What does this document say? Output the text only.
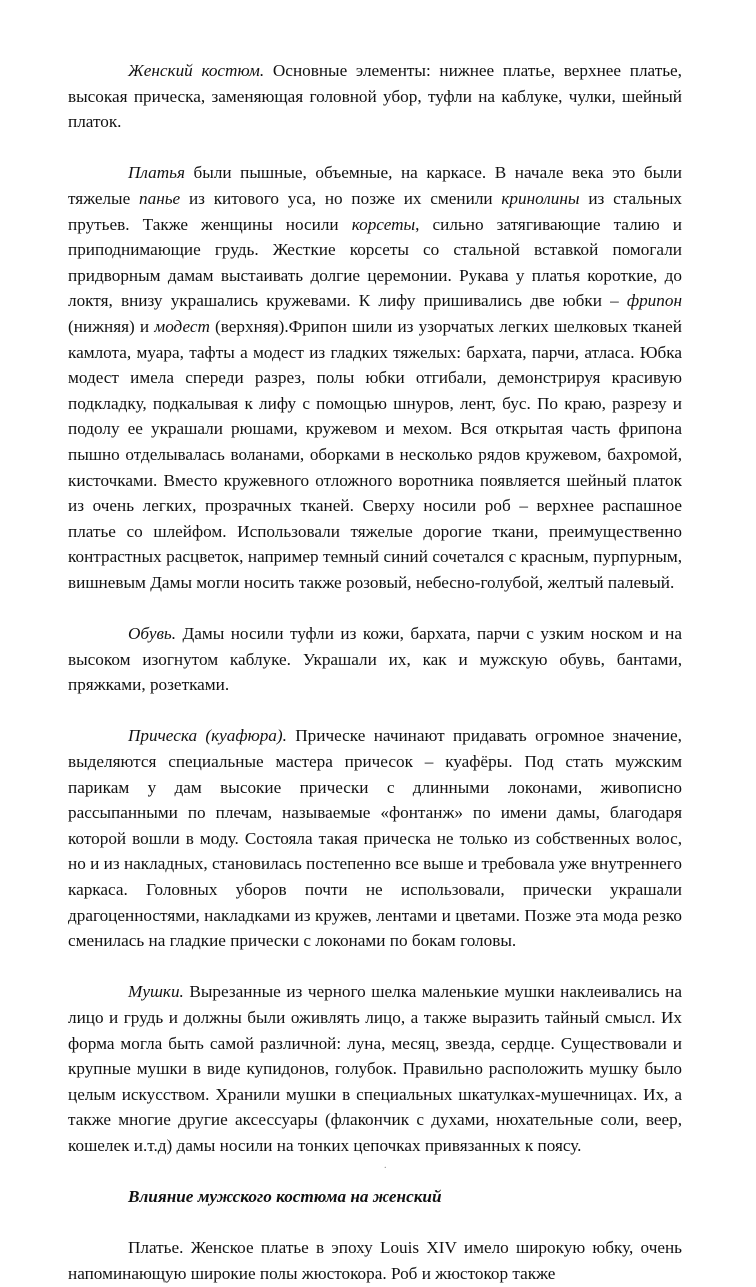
Женский костюм. Основные элементы: нижнее платье, верхнее платье, высокая прическа, заменяющая головной убор, туфли на каблуке, чулки, шейный платок.

Платья были пышные, объемные, на каркасе. В начале века это были тяжелые панье из китового уса, но позже их сменили кринолины из стальных прутьев. Также женщины носили корсеты, сильно затягивающие талию и приподнимающие грудь. Жесткие корсеты со стальной вставкой помогали придворным дамам выстаивать долгие церемонии. Рукава у платья короткие, до локтя, внизу украшались кружевами. К лифу пришивались две юбки – фрипон (нижняя) и модест (верхняя).Фрипон шили из узорчатых легких шелковых тканей камлота, муара, тафты а модест из гладких тяжелых: бархата, парчи, атласа. Юбка модест имела спереди разрез, полы юбки отгибали, демонстрируя красивую подкладку, подкалывая к лифу с помощью шнуров, лент, бус. По краю, разрезу и подолу ее украшали рюшами, кружевом и мехом. Вся открытая часть фрипона пышно отделывалась воланами, оборками в несколько рядов кружевом, бахромой, кисточками. Вместо кружевного отложного воротника появляется шейный платок из очень легких, прозрачных тканей. Сверху носили роб – верхнее распашное платье со шлейфом. Использовали тяжелые дорогие ткани, преимущественно контрастных расцветок, например темный синий сочетался с красным, пурпурным, вишневым Дамы могли носить также розовый, небесно-голубой, желтый палевый.

Обувь. Дамы носили туфли из кожи, бархата, парчи с узким носком и на высоком изогнутом каблуке. Украшали их, как и мужскую обувь, бантами, пряжками, розетками.

Прическа (куафюра). Прическе начинают придавать огромное значение, выделяются специальные мастера причесок – куафёры. Под стать мужским парикам у дам высокие прически с длинными локонами, живописно рассыпанными по плечам, называемые «фонтанж» по имени дамы, благодаря которой вошли в моду. Состояла такая прическа не только из собственных волос, но и из накладных, становилась постепенно все выше и требовала уже внутреннего каркаса. Головных уборов почти не использовали, прически украшали драгоценностями, накладками из кружев, лентами и цветами. Позже эта мода резко сменилась на гладкие прически с локонами по бокам головы.

Мушки. Вырезанные из черного шелка маленькие мушки наклеивались на лицо и грудь и должны были оживлять лицо, а также выразить тайный смысл. Их форма могла быть самой различной: луна, месяц, звезда, сердце. Существовали и крупные мушки в виде купидонов, голубок. Правильно расположить мушку было целым искусством. Хранили мушки в специальных шкатулках-мушечницах. Их, а также многие другие аксессуары (флакончик с духами, нюхательные соли, веер, кошелек и.т.д) дамы носили на тонких цепочках привязанных к поясу.

Влияние мужского костюма на женский

Платье. Женское платье в эпоху Louis XIV имело широкую юбку, очень напоминающую широкие полы жюстокора. Роб и жюстокор также

.
